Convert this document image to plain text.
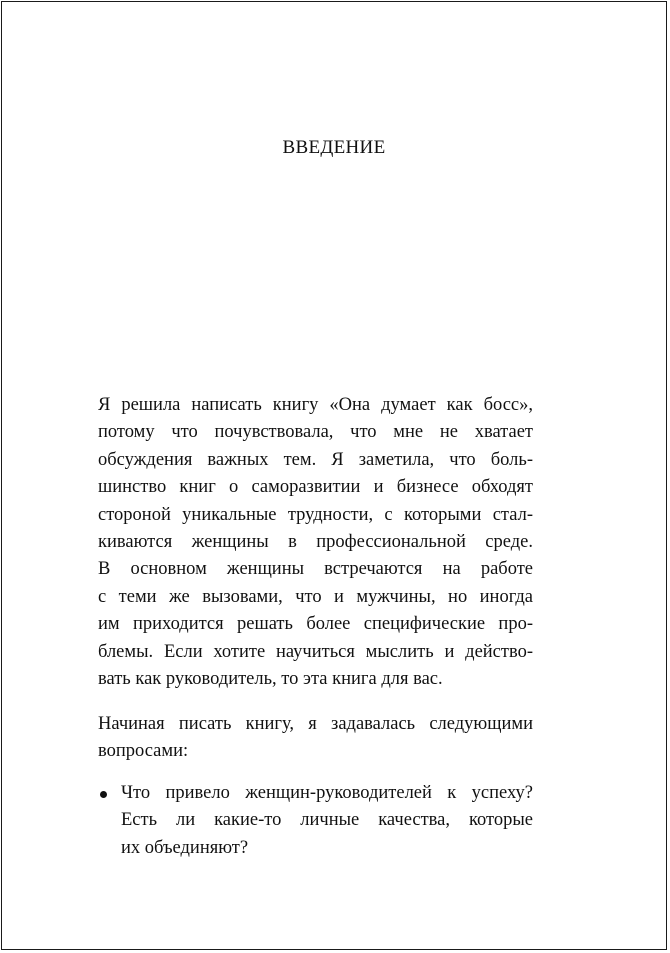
ВВЕДЕНИЕ
Я решила написать книгу «Она думает как босс»,
потому что почувствовала, что мне не хватает
обсуждения важных тем. Я заметила, что боль-
шинство книг о саморазвитии и бизнесе обходят
стороной уникальные трудности, с которыми стал-
киваются женщины в профессиональной среде.
В основном женщины встречаются на работе
с теми же вызовами, что и мужчины, но иногда
им приходится решать более специфические про-
блемы. Если хотите научиться мыслить и действо-
вать как руководитель, то эта книга для вас.
Начиная писать книгу, я задавалась следующими
вопросами:
Что привело женщин-руководителей к успеху?
Есть ли какие-то личные качества, которые
их объединяют?
